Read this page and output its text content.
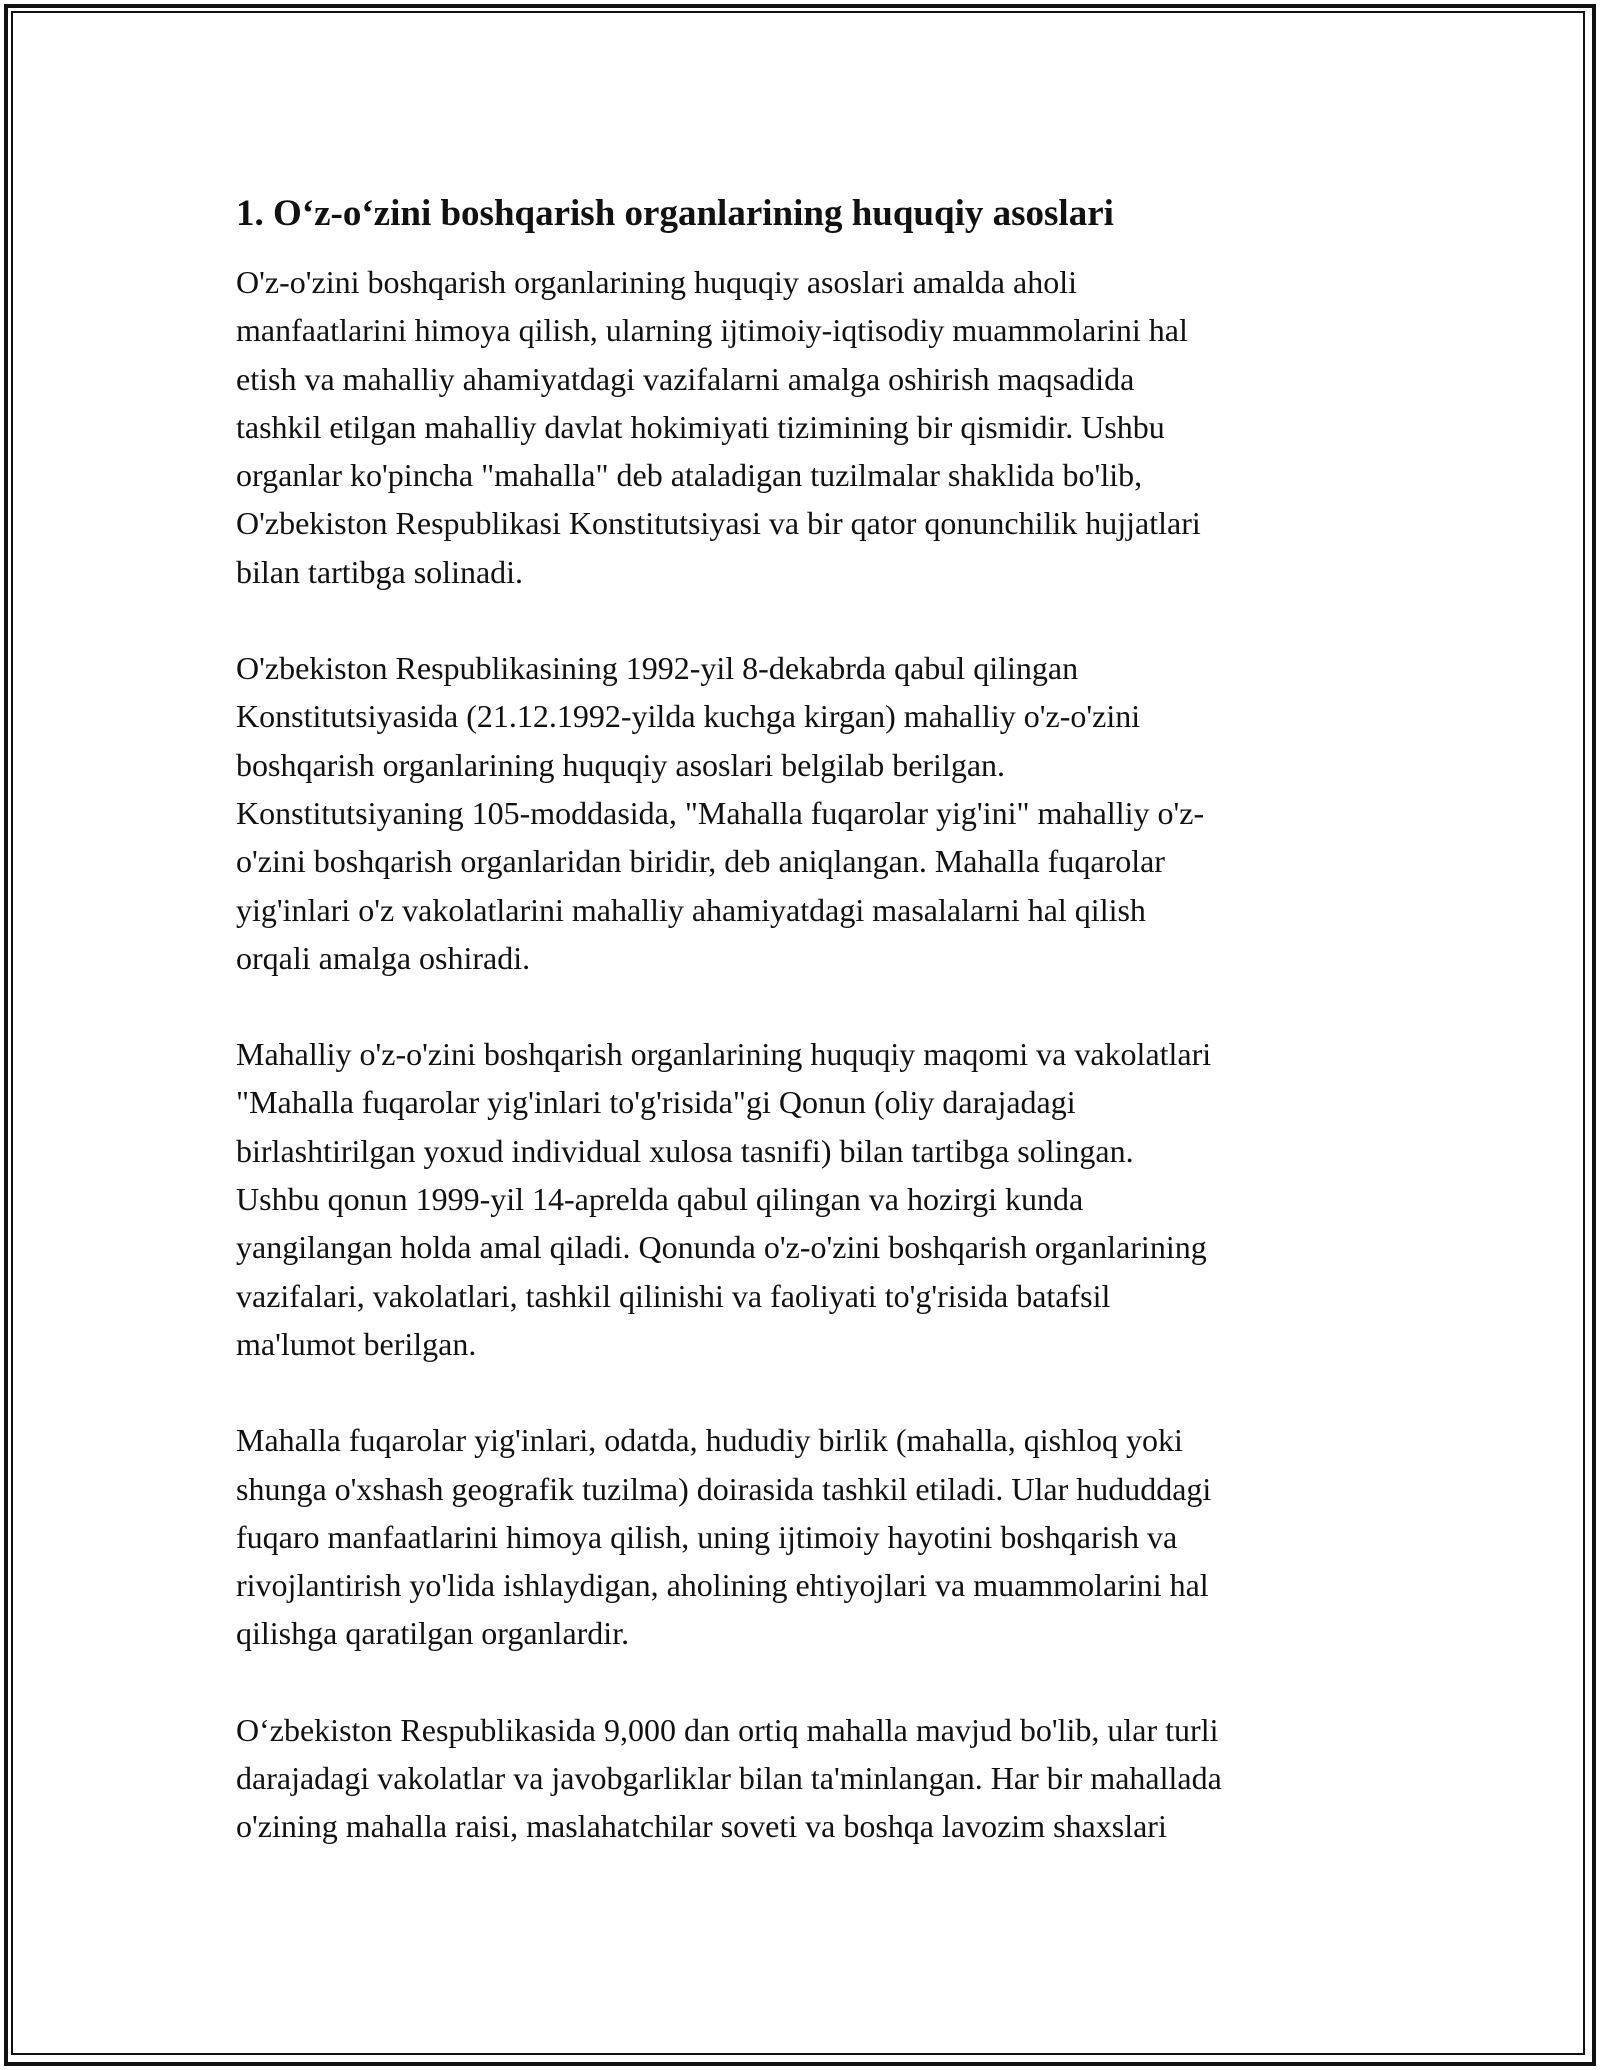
1. O‘z-o‘zini boshqarish organlarining huquqiy asoslari

O'z-o'zini boshqarish organlarining huquqiy asoslari amalda aholi
manfaatlarini himoya qilish, ularning ijtimoiy-iqtisodiy muammolarini hal
etish va mahalliy ahamiyatdagi vazifalarni amalga oshirish maqsadida
tashkil etilgan mahalliy davlat hokimiyati tizimining bir qismidir. Ushbu
organlar ko'pincha "mahalla" deb ataladigan tuzilmalar shaklida bo'lib,
O'zbekiston Respublikasi Konstitutsiyasi va bir qator qonunchilik hujjatlari
bilan tartibga solinadi.

O'zbekiston Respublikasining 1992-yil 8-dekabrda qabul qilingan
Konstitutsiyasida (21.12.1992-yilda kuchga kirgan) mahalliy o'z-o'zini
boshqarish organlarining huquqiy asoslari belgilab berilgan.
Konstitutsiyaning 105-moddasida, "Mahalla fuqarolar yig'ini" mahalliy o'z-
o'zini boshqarish organlaridan biridir, deb aniqlangan. Mahalla fuqarolar
yig'inlari o'z vakolatlarini mahalliy ahamiyatdagi masalalarni hal qilish
orqali amalga oshiradi.

Mahalliy o'z-o'zini boshqarish organlarining huquqiy maqomi va vakolatlari
"Mahalla fuqarolar yig'inlari to'g'risida"gi Qonun (oliy darajadagi
birlashtirilgan yoxud individual xulosa tasnifi) bilan tartibga solingan.
Ushbu qonun 1999-yil 14-aprelda qabul qilingan va hozirgi kunda
yangilangan holda amal qiladi. Qonunda o'z-o'zini boshqarish organlarining
vazifalari, vakolatlari, tashkil qilinishi va faoliyati to'g'risida batafsil
ma'lumot berilgan.

Mahalla fuqarolar yig'inlari, odatda, hududiy birlik (mahalla, qishloq yoki
shunga o'xshash geografik tuzilma) doirasida tashkil etiladi. Ular hududdagi
fuqaro manfaatlarini himoya qilish, uning ijtimoiy hayotini boshqarish va
rivojlantirish yo'lida ishlaydigan, aholining ehtiyojlari va muammolarini hal
qilishga qaratilgan organlardir.

O‘zbekiston Respublikasida 9,000 dan ortiq mahalla mavjud bo'lib, ular turli
darajadagi vakolatlar va javobgarliklar bilan ta'minlangan. Har bir mahallada
o'zining mahalla raisi, maslahatchilar soveti va boshqa lavozim shaxslari
